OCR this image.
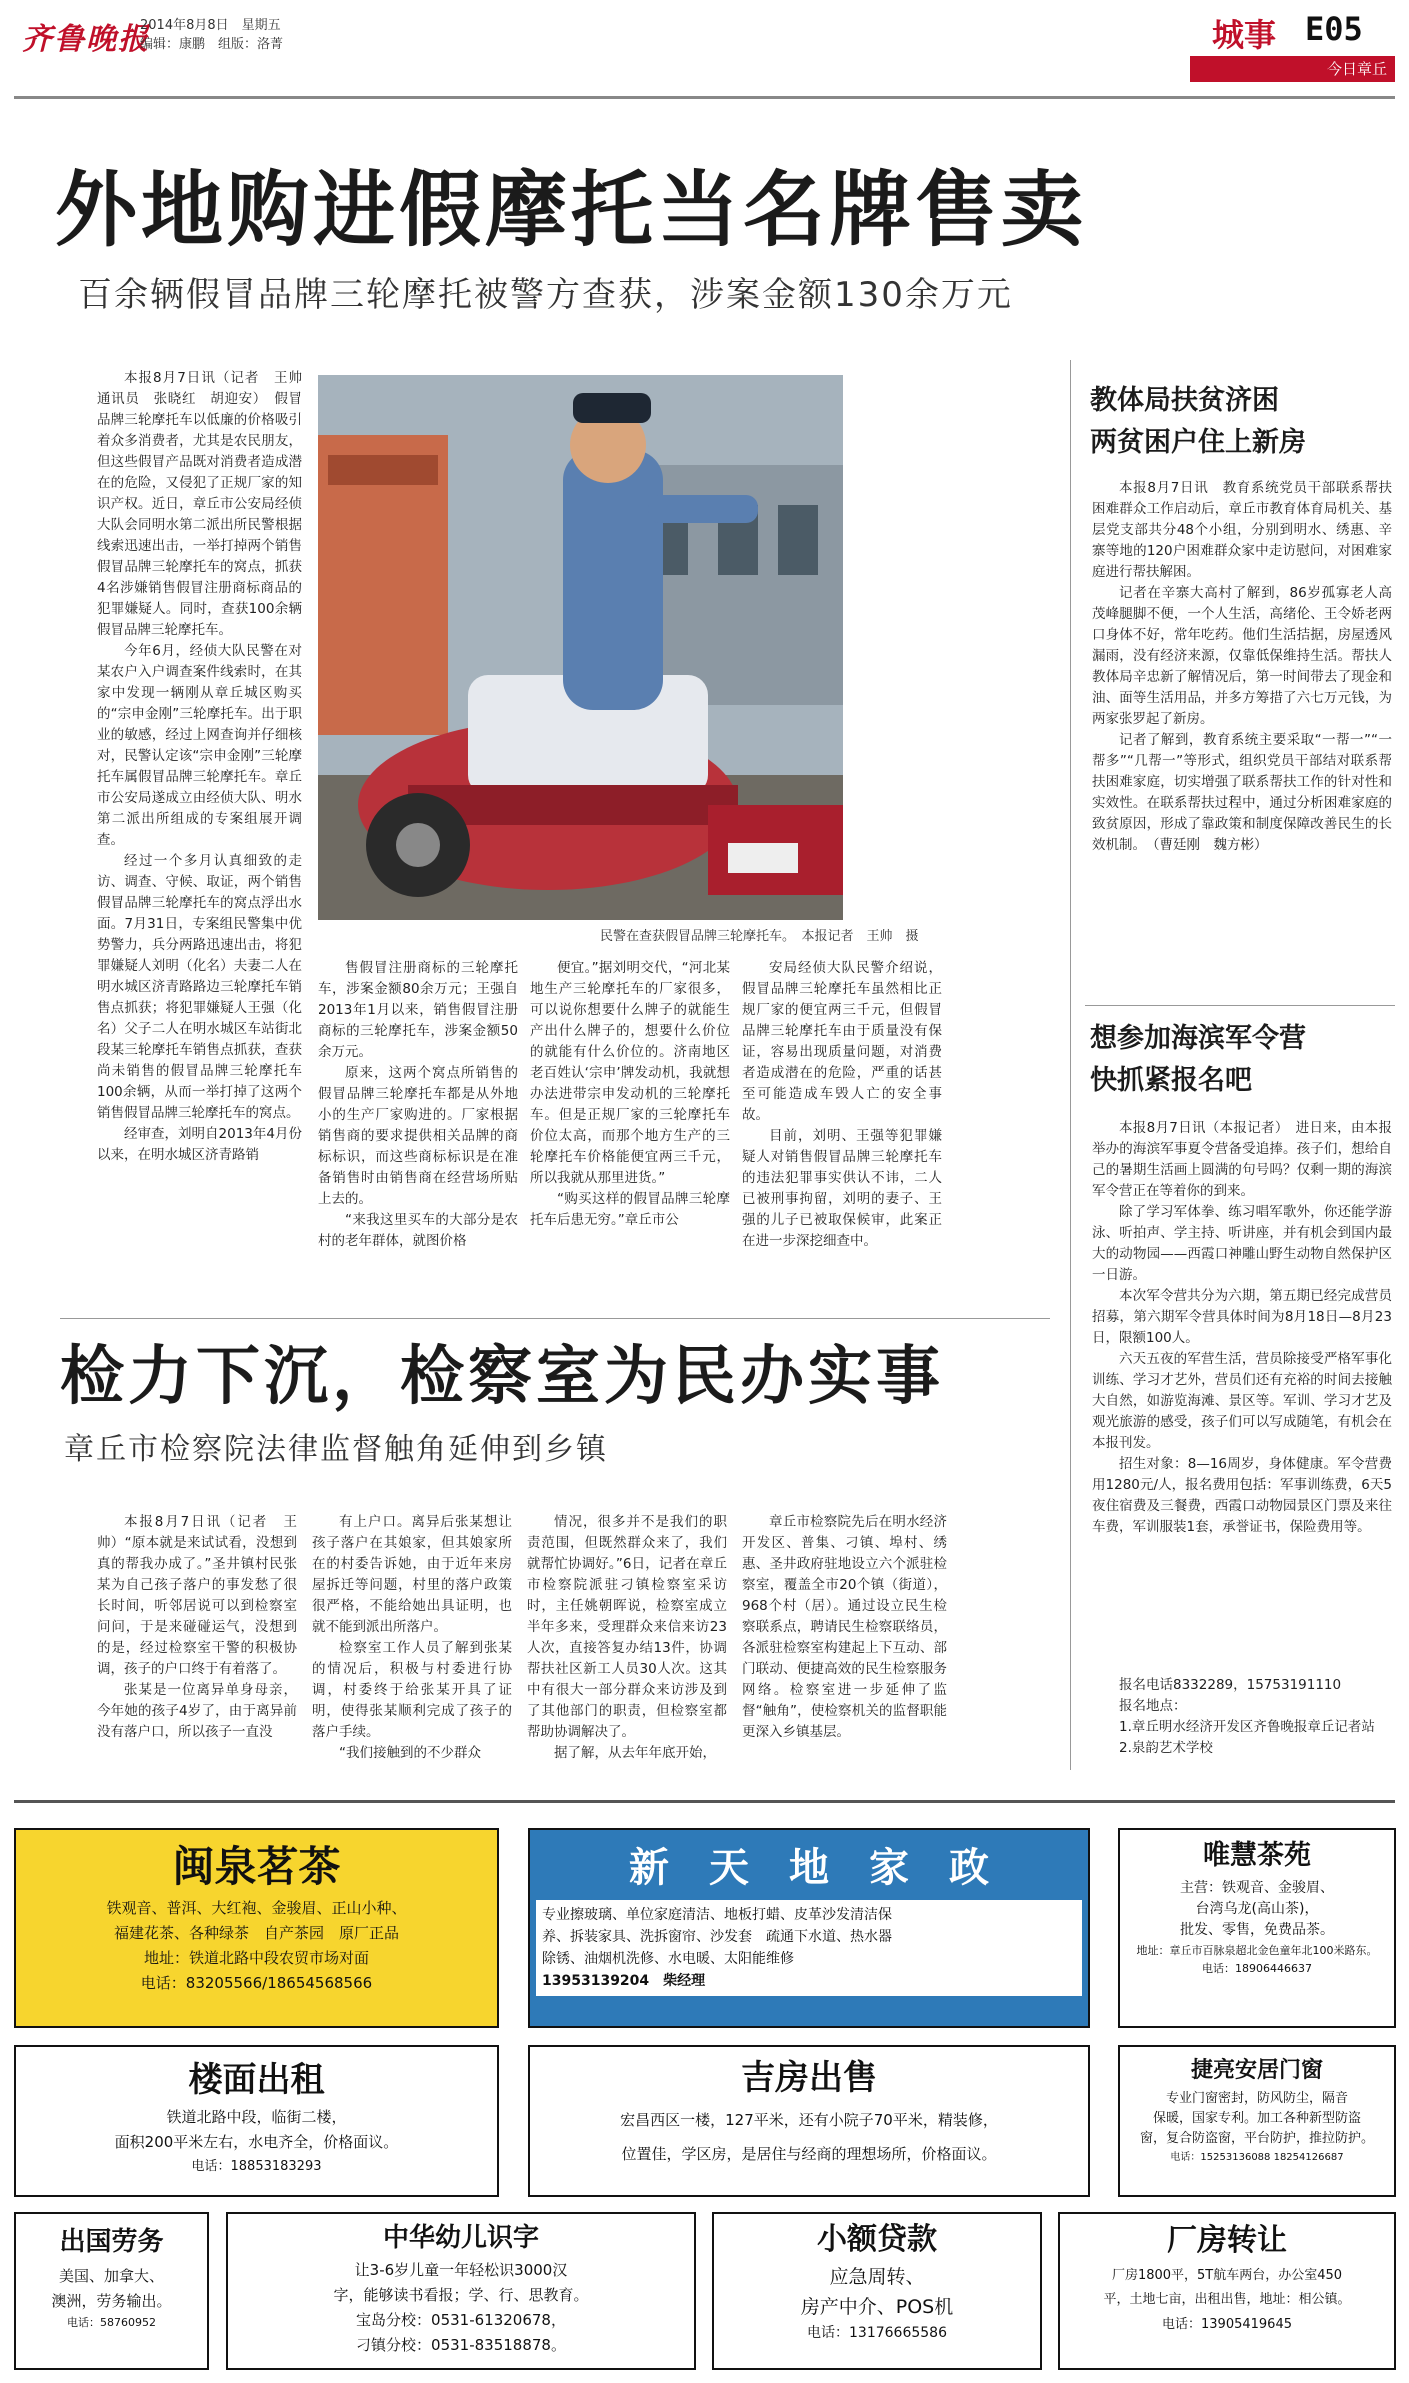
齐鲁晚报
2014年8月8日　星期五
编辑：康鹏　组版：洛菁	城事 E05
今日章丘
外地购进假摩托当名牌售卖
百余辆假冒品牌三轮摩托被警方查获，涉案金额130余万元

本报8月7日讯（记者　王帅　通讯员　张晓红　胡迎安）　假冒品牌三轮摩托车以低廉的价格吸引着众多消费者，尤其是农民朋友，但这些假冒产品既对消费者造成潜在的危险，又侵犯了正规厂家的知识产权。近日，章丘市公安局经侦大队会同明水第二派出所民警根据线索迅速出击，一举打掉两个销售假冒品牌三轮摩托车的窝点，抓获4名涉嫌销售假冒注册商标商品的犯罪嫌疑人。同时，查获100余辆假冒品牌三轮摩托车。

今年6月，经侦大队民警在对某农户入户调查案件线索时，在其家中发现一辆刚从章丘城区购买的“宗申金刚”三轮摩托车。出于职业的敏感，经过上网查询并仔细核对，民警认定该“宗申金刚”三轮摩托车属假冒品牌三轮摩托车。章丘市公安局遂成立由经侦大队、明水第二派出所组成的专案组展开调查。

经过一个多月认真细致的走访、调查、守候、取证，两个销售假冒品牌三轮摩托车的窝点浮出水面。7月31日，专案组民警集中优势警力，兵分两路迅速出击，将犯罪嫌疑人刘明（化名）夫妻二人在明水城区济青路路边三轮摩托车销售点抓获；将犯罪嫌疑人王强（化名）父子二人在明水城区车站街北段某三轮摩托车销售点抓获，查获尚未销售的假冒品牌三轮摩托车100余辆，从而一举打掉了这两个销售假冒品牌三轮摩托车的窝点。

经审查，刘明自2013年4月份以来，在明水城区济青路销

民警在查获假冒品牌三轮摩托车。　本报记者　王帅　摄

售假冒注册商标的三轮摩托车，涉案金额80余万元；王强自2013年1月以来，销售假冒注册商标的三轮摩托车，涉案金额50余万元。

原来，这两个窝点所销售的假冒品牌三轮摩托车都是从外地小的生产厂家购进的。厂家根据销售商的要求提供相关品牌的商标标识，而这些商标标识是在准备销售时由销售商在经营场所贴上去的。

“来我这里买车的大部分是农村的老年群体，就图价格

便宜。”据刘明交代，“河北某地生产三轮摩托车的厂家很多，可以说你想要什么牌子的就能生产出什么牌子的，想要什么价位的就能有什么价位的。济南地区老百姓认‘宗申’牌发动机，我就想办法进带宗申发动机的三轮摩托车。但是正规厂家的三轮摩托车价位太高，而那个地方生产的三轮摩托车价格能便宜两三千元，所以我就从那里进货。”

“购买这样的假冒品牌三轮摩托车后患无穷。”章丘市公

安局经侦大队民警介绍说，假冒品牌三轮摩托车虽然相比正规厂家的便宜两三千元，但假冒品牌三轮摩托车由于质量没有保证，容易出现质量问题，对消费者造成潜在的危险，严重的话甚至可能造成车毁人亡的安全事故。

目前，刘明、王强等犯罪嫌疑人对销售假冒品牌三轮摩托车的违法犯罪事实供认不讳，二人已被刑事拘留，刘明的妻子、王强的儿子已被取保候审，此案正在进一步深挖细查中。

教体局扶贫济困
两贫困户住上新房

本报8月7日讯　教育系统党员干部联系帮扶困难群众工作启动后，章丘市教育体育局机关、基层党支部共分48个小组，分别到明水、绣惠、辛寨等地的120户困难群众家中走访慰问，对困难家庭进行帮扶解困。

记者在辛寨大高村了解到，86岁孤寡老人高茂峰腿脚不便，一个人生活，高绪伦、王令娇老两口身体不好，常年吃药。他们生活拮据，房屋透风漏雨，没有经济来源，仅靠低保维持生活。帮扶人教体局辛忠新了解情况后，第一时间带去了现金和油、面等生活用品，并多方筹措了六七万元钱，为两家张罗起了新房。

记者了解到，教育系统主要采取“一帮一”“一帮多”“几帮一”等形式，组织党员干部结对联系帮扶困难家庭，切实增强了联系帮扶工作的针对性和实效性。在联系帮扶过程中，通过分析困难家庭的致贫原因，形成了靠政策和制度保障改善民生的长效机制。　（曹廷刚　魏方彬）

想参加海滨军令营
快抓紧报名吧

本报8月7日讯（本报记者）　进日来，由本报举办的海滨军事夏令营备受追捧。孩子们，想给自己的暑期生活画上圆满的句号吗？仅剩一期的海滨军令营正在等着你的到来。

除了学习军体拳、练习唱军歌外，你还能学游泳、听拍声、学主持、听讲座，并有机会到国内最大的动物园——西霞口神雕山野生动物自然保护区一日游。

本次军令营共分为六期，第五期已经完成营员招募，第六期军令营具体时间为8月18日—8月23日，限额100人。

六天五夜的军营生活，营员除接受严格军事化训练、学习才艺外，营员们还有充裕的时间去接触大自然，如游览海滩、景区等。军训、学习才艺及观光旅游的感受，孩子们可以写成随笔，有机会在本报刊发。

招生对象：8—16周岁，身体健康。军令营费用1280元/人，报名费用包括：军事训练费，6天5夜住宿费及三餐费，西霞口动物园景区门票及来往车费，军训服装1套，承誉证书，保险费用等。

报名电话8332289，15753191110

报名地点：

1.章丘明水经济开发区齐鲁晚报章丘记者站

2.泉韵艺术学校

检力下沉，检察室为民办实事
章丘市检察院法律监督触角延伸到乡镇

本报8月7日讯（记者　王帅）“原本就是来试试看，没想到真的帮我办成了。”圣井镇村民张某为自己孩子落户的事发愁了很长时间，听邻居说可以到检察室问问，于是来碰碰运气，没想到的是，经过检察室干警的积极协调，孩子的户口终于有着落了。

张某是一位离异单身母亲，今年她的孩子4岁了，由于离异前没有落户口，所以孩子一直没

有上户口。离异后张某想让孩子落户在其娘家，但其娘家所在的村委告诉她，由于近年来房屋拆迁等问题，村里的落户政策很严格，不能给她出具证明，也就不能到派出所落户。

检察室工作人员了解到张某的情况后，积极与村委进行协调，村委终于给张某开具了证明，使得张某顺利完成了孩子的落户手续。

“我们接触到的不少群众

情况，很多并不是我们的职责范围，但既然群众来了，我们就帮忙协调好。”6日，记者在章丘市检察院派驻刁镇检察室采访时，主任姚朝晖说，检察室成立半年多来，受理群众来信来访23人次，直接答复办结13件，协调帮扶社区新工人员30人次。这其中有很大一部分群众来访涉及到了其他部门的职责，但检察室都帮助协调解决了。

据了解，从去年年底开始，

章丘市检察院先后在明水经济开发区、普集、刁镇、埠村、绣惠、圣井政府驻地设立六个派驻检察室，覆盖全市20个镇（街道），968个村（居）。通过设立民生检察联系点，聘请民生检察联络员，各派驻检察室构建起上下互动、部门联动、便捷高效的民生检察服务网络。检察室进一步延伸了监督“触角”，使检察机关的监督职能更深入乡镇基层。

闽泉茗茶
铁观音、普洱、大红袍、金骏眉、正山小种、
福建花茶、各种绿茶　自产茶园　原厂正品
地址：铁道北路中段农贸市场对面
电话：83205566/18654568566
新　天　地　家　政
专业擦玻璃、单位家庭清洁、地板打蜡、皮革沙发清洁保
养、拆装家具、洗拆窗帘、沙发套　疏通下水道、热水器
除锈、油烟机洗修、水电暖、太阳能维修
13953139204　柴经理
唯慧茶苑
主营：铁观音、金骏眉、
台湾乌龙(高山茶)，
批发、零售，免费品茶。
地址：章丘市百脉泉超北金色童年北100米路东。
电话：18906446637
楼面出租
铁道北路中段，临街二楼，
面积200平米左右，水电齐全，价格面议。
电话：18853183293
吉房出售
宏昌西区一楼，127平米，还有小院子70平米，精装修，
位置佳，学区房，是居住与经商的理想场所，价格面议。
捷亮安居门窗
专业门窗密封，防风防尘，隔音
保暖，国家专利。加工各种新型防盗
窗，复合防盗窗，平台防护，推拉防护。
电话：15253136088 18254126687
出国劳务
美国、加拿大、
澳洲，劳务输出。
电话：58760952
中华幼儿识字
让3-6岁儿童一年轻松识3000汉
字，能够读书看报；学、行、思教育。
宝岛分校：0531-61320678，
刁镇分校：0531-83518878。
小额贷款
应急周转、
房产中介、POS机
电话：13176665586
厂房转让
厂房1800平，5T航车两台，办公室450
平，土地七亩，出租出售，地址：相公镇。
电话：13905419645
